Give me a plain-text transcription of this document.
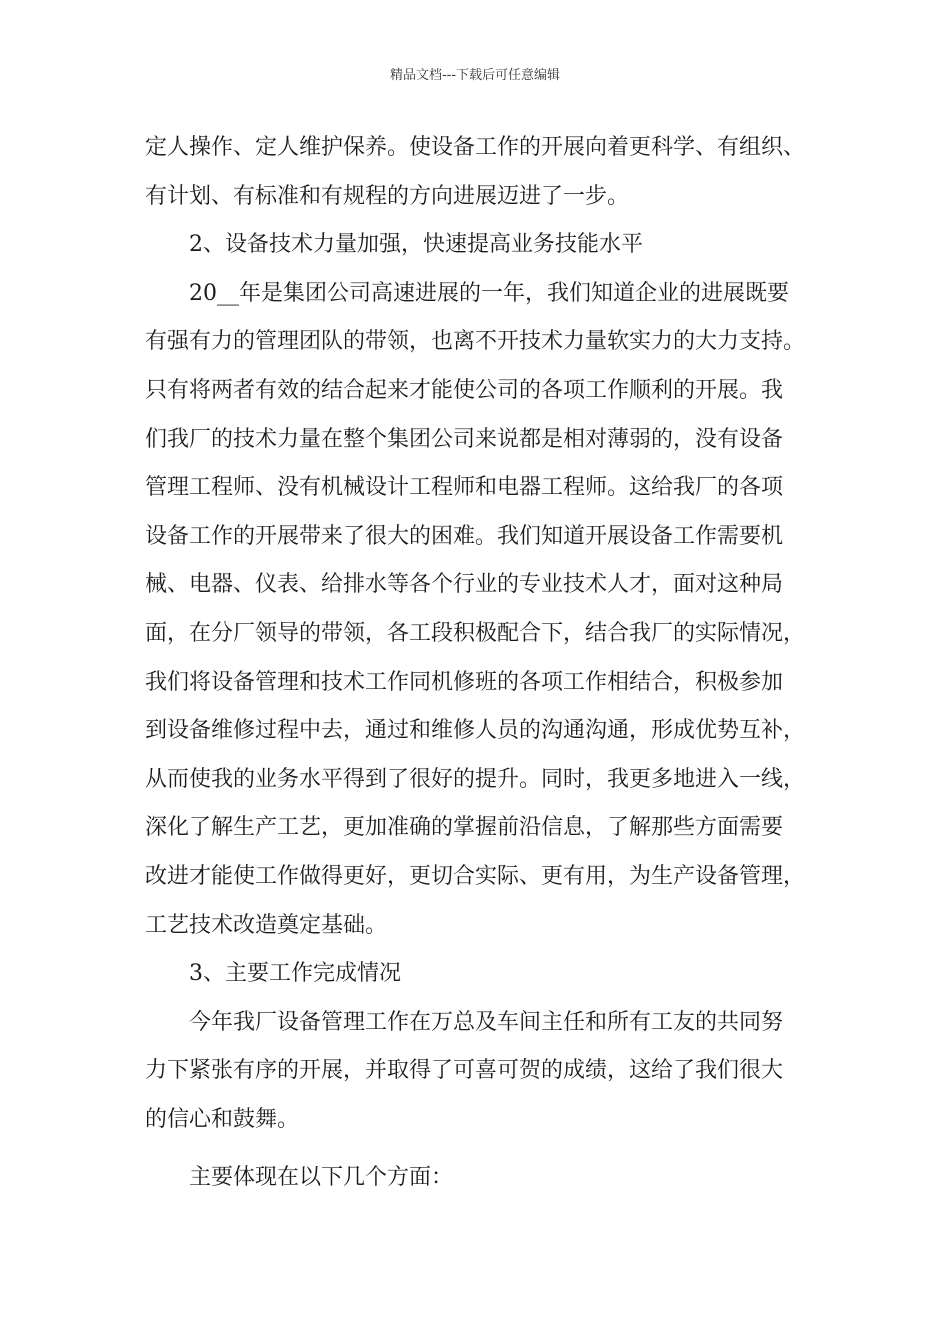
精品文档---下载后可任意编辑
定人操作、定人维护保养。使设备工作的开展向着更科学、有组织、
有计划、有标准和有规程的方向进展迈进了一步。
2、设备技术力量加强，快速提高业务技能水平
20__年是集团公司高速进展的一年，我们知道企业的进展既要
有强有力的管理团队的带领，也离不开技术力量软实力的大力支持。
只有将两者有效的结合起来才能使公司的各项工作顺利的开展。我
们我厂的技术力量在整个集团公司来说都是相对薄弱的，没有设备
管理工程师、没有机械设计工程师和电器工程师。这给我厂的各项
设备工作的开展带来了很大的困难。我们知道开展设备工作需要机
械、电器、仪表、给排水等各个行业的专业技术人才，面对这种局
面，在分厂领导的带领，各工段积极配合下，结合我厂的实际情况，
我们将设备管理和技术工作同机修班的各项工作相结合，积极参加
到设备维修过程中去，通过和维修人员的沟通沟通，形成优势互补，
从而使我的业务水平得到了很好的提升。同时，我更多地进入一线，
深化了解生产工艺，更加准确的掌握前沿信息，了解那些方面需要
改进才能使工作做得更好，更切合实际、更有用，为生产设备管理，
工艺技术改造奠定基础。
3、主要工作完成情况
今年我厂设备管理工作在万总及车间主任和所有工友的共同努
力下紧张有序的开展，并取得了可喜可贺的成绩，这给了我们很大
的信心和鼓舞。
主要体现在以下几个方面：
